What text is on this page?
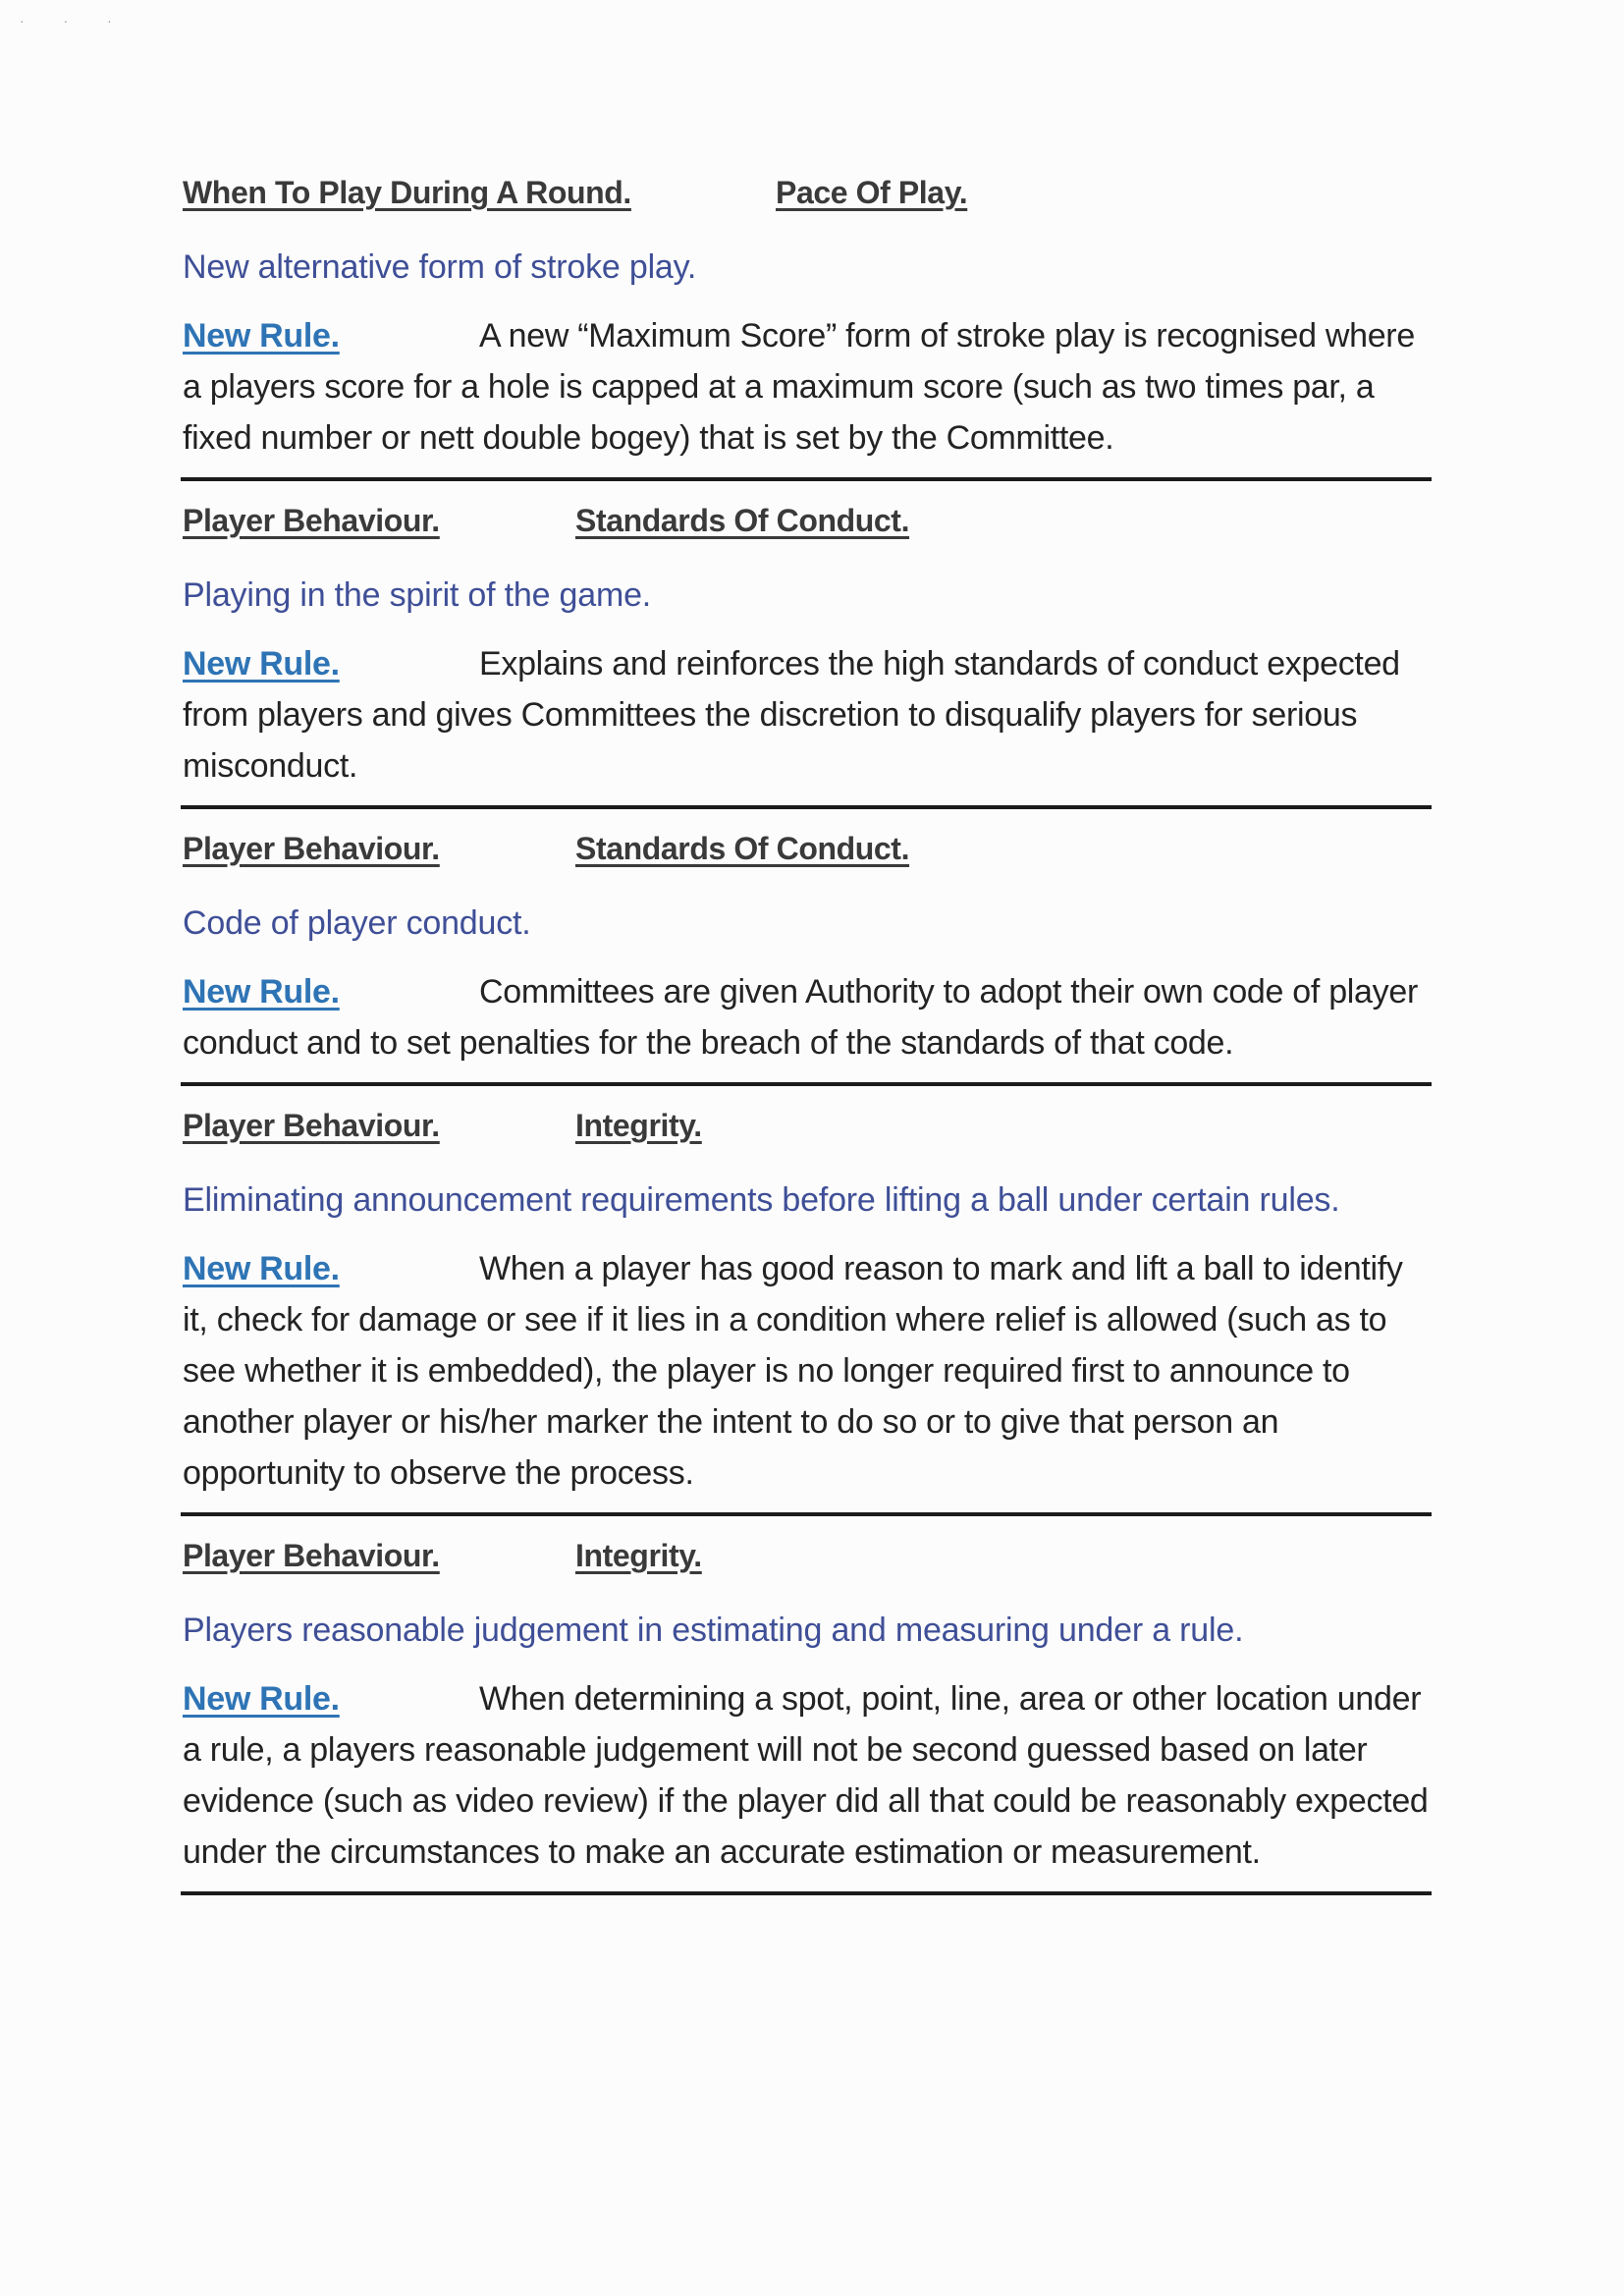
· · ·
When To Play During A Round.	Pace Of Play.
New alternative form of stroke play.
New Rule.	A new “Maximum Score” form of stroke play is recognised where a players score for a hole is capped at a maximum score (such as two times par, a fixed number or nett double bogey) that is set by the Committee.
Player Behaviour.	Standards Of Conduct.
Playing in the spirit of the game.
New Rule.	Explains and reinforces the high standards of conduct expected from players and gives Committees the discretion to disqualify players for serious misconduct.
Player Behaviour.	Standards Of Conduct.
Code of player conduct.
New Rule.	Committees are given Authority to adopt their own code of player conduct and to set penalties for the breach of the standards of that code.
Player Behaviour.	Integrity.
Eliminating announcement requirements before lifting a ball under certain rules.
New Rule.	When a player has good reason to mark and lift a ball to identify it, check for damage or see if it lies in a condition where relief is allowed (such as to see whether it is embedded), the player is no longer required first to announce to another player or his/her marker the intent to do so or to give that person an opportunity to observe the process.
Player Behaviour.	Integrity.
Players reasonable judgement in estimating and measuring under a rule.
New Rule.	When determining a spot, point, line, area or other location under a rule, a players reasonable judgement will not be second guessed based on later evidence (such as video review) if the player did all that could be reasonably expected under the circumstances to make an accurate estimation or measurement.
